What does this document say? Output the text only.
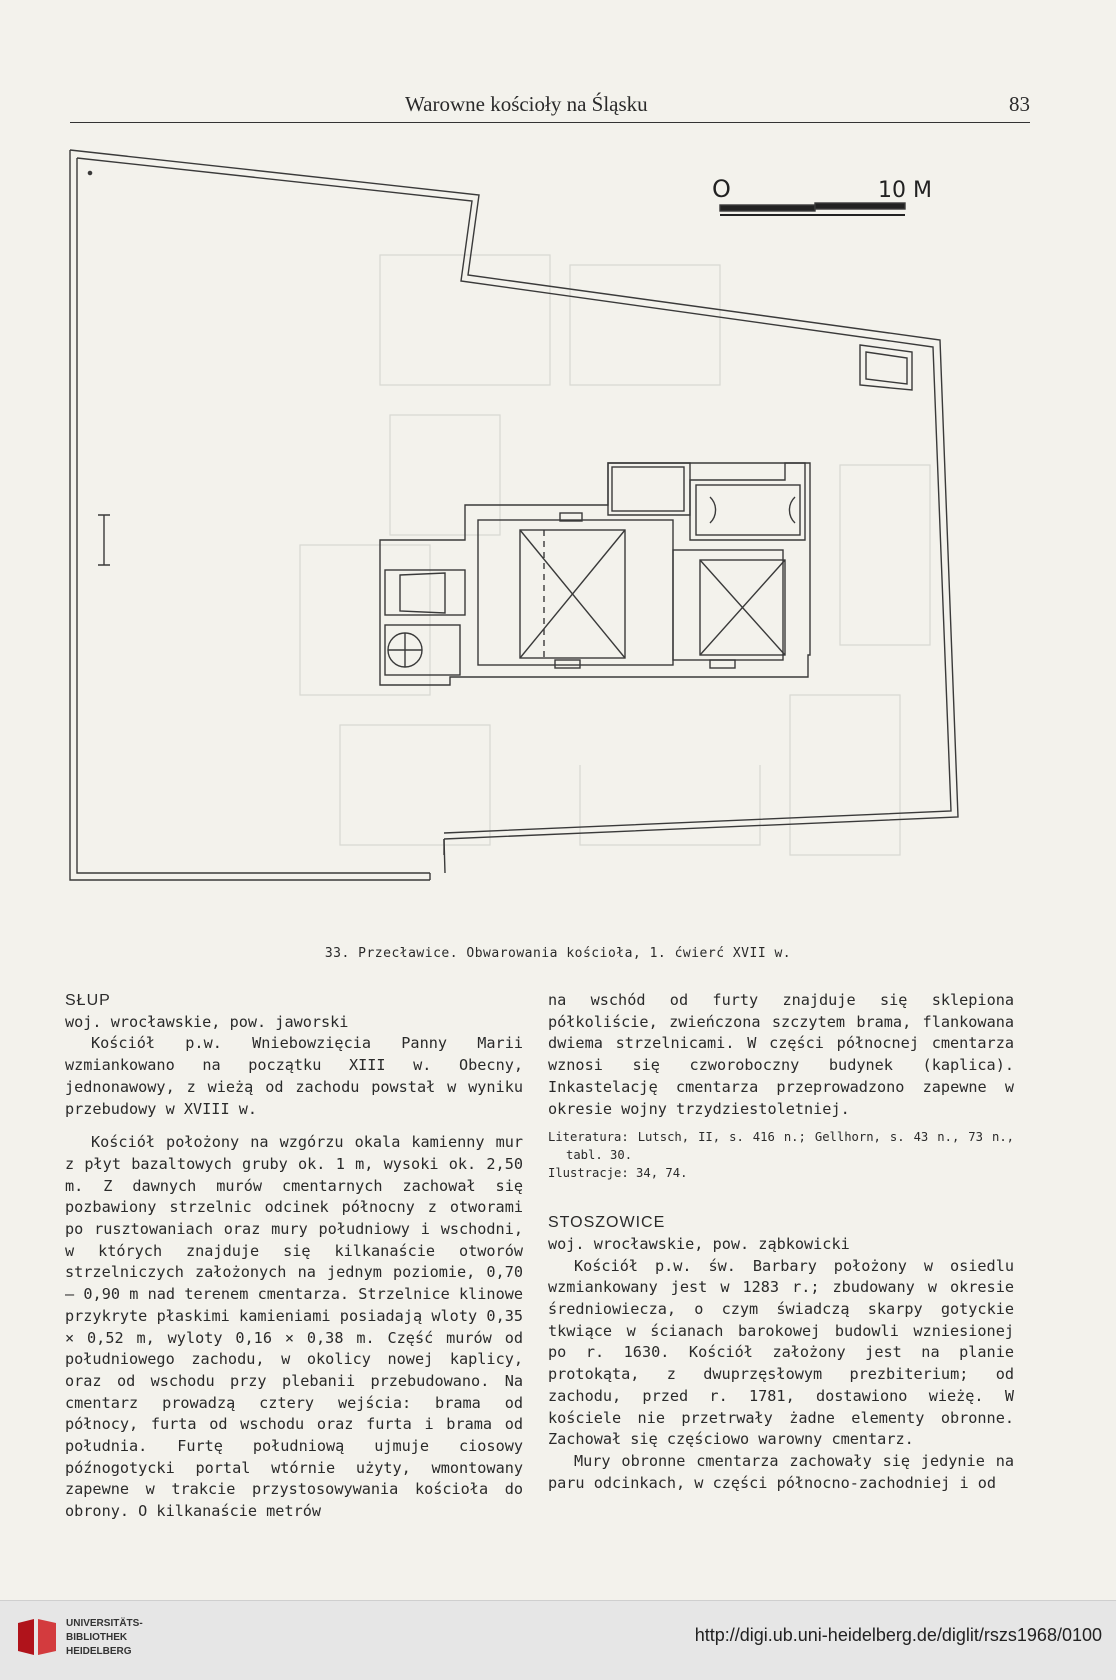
Warowne kościoły na Śląsku	83
O	10 M
33. Przecławice. Obwarowania kościoła, 1. ćwierć XVII w.

SŁUP

woj. wrocławskie, pow. jaworski

Kościół p.w. Wniebowzięcia Panny Marii wzmiankowano na początku XIII w. Obecny, jednonawowy, z wieżą od zachodu powstał w wyniku przebudowy w XVIII w.

Kościół położony na wzgórzu okala kamienny mur z płyt bazaltowych gruby ok. 1 m, wysoki ok. 2,50 m. Z dawnych murów cmentarnych zachował się pozbawiony strzelnic odcinek północny z otworami po rusztowaniach oraz mury południowy i wschodni, w których znajduje się kilkanaście otworów strzelniczych założonych na jednym poziomie, 0,70 — 0,90 m nad terenem cmentarza. Strzelnice klinowe przykryte płaskimi kamieniami posiadają wloty 0,35 × 0,52 m, wyloty 0,16 × 0,38 m. Część murów od południowego zachodu, w okolicy nowej kaplicy, oraz od wschodu przy plebanii przebudowano. Na cmentarz prowadzą cztery wejścia: brama od północy, furta od wschodu oraz furta i brama od południa. Furtę południową ujmuje ciosowy późnogotycki portal wtórnie użyty, wmontowany zapewne w trakcie przystosowywania kościoła do obrony. O kilkanaście metrów

na wschód od furty znajduje się sklepiona półkoliście, zwieńczona szczytem brama, flankowana dwiema strzelnicami. W części północnej cmentarza wznosi się czworoboczny budynek (kaplica). Inkastelację cmentarza przeprowadzono zapewne w okresie wojny trzydziestoletniej.

Literatura: Lutsch, II, s. 416 n.; Gellhorn, s. 43 n., 73 n., tabl. 30.

Ilustracje: 34, 74.

STOSZOWICE

woj. wrocławskie, pow. ząbkowicki

Kościół p.w. św. Barbary położony w osiedlu wzmiankowany jest w 1283 r.; zbudowany w okresie średniowiecza, o czym świadczą skarpy gotyckie tkwiące w ścianach barokowej budowli wzniesionej po r. 1630. Kościół założony jest na planie protokąta, z dwuprzęsłowym prezbiterium; od zachodu, przed r. 1781, dostawiono wieżę. W kościele nie przetrwały żadne elementy obronne. Zachował się częściowo warowny cmentarz.

Mury obronne cmentarza zachowały się jedynie na paru odcinkach, w części północno-zachodniej i od

UNIVERSITÄTS-
BIBLIOTHEK
HEIDELBERG
http://digi.ub.uni-heidelberg.de/diglit/rszs1968/0100
